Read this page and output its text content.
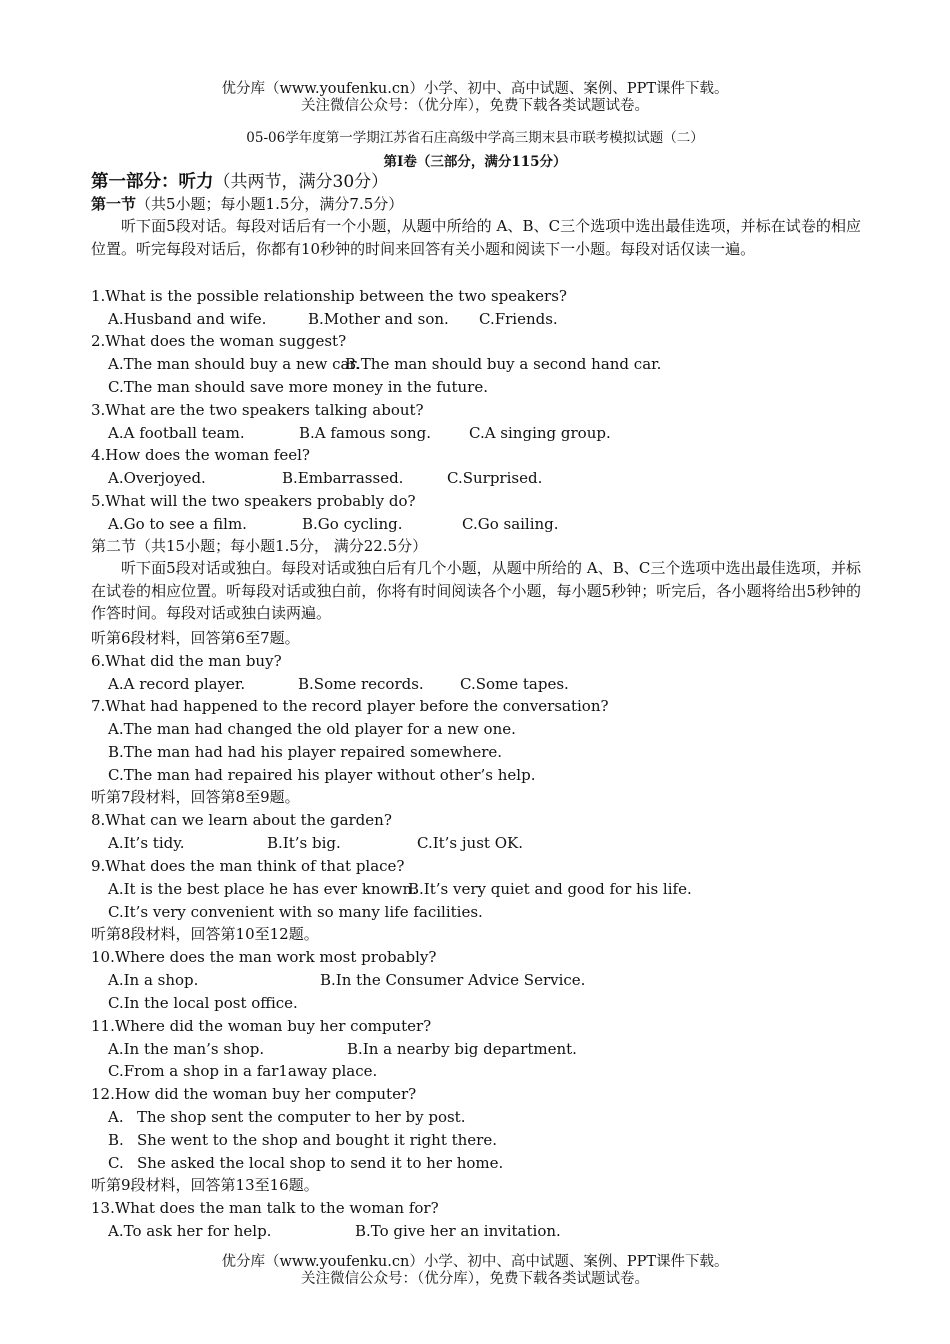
优分库（www.youfenku.cn）小学、初中、高中试题、案例、PPT课件下载。
关注微信公众号：（优分库），免费下载各类试题试卷。
05-06学年度第一学期江苏省石庄高级中学高三期末县市联考模拟试题（二）
第Ⅰ卷（三部分，满分115分）
第一部分：听力（共两节，满分30分）
第一节（共5小题；每小题1.5分，满分7.5分）
听下面5段对话。每段对话后有一个小题，从题中所给的 A、B、C三个选项中选出最佳选项，并标在试卷的相应位置。听完每段对话后，你都有10秒钟的时间来回答有关小题和阅读下一小题。每段对话仅读一遍。
1.What is the possible relationship between the two speakers?
A.Husband and wife.	B.Mother and son. C.Friends.
2.What does the woman suggest?
A.The man should buy a new car.
B.The man should buy a second hand car.
C.The man should save more money in the future.
3.What are the two speakers talking about?
A.A football team.	B.A famous song.	C.A singing group.
4.How does the woman feel?
A.Overjoyed.	B.Embarrassed.	C.Surprised.
5.What will the two speakers probably do?
A.Go to see a film.	B.Go cycling.	C.Go sailing.
第二节（共15小题；每小题1.5分， 满分22.5分）
听下面5段对话或独白。每段对话或独白后有几个小题，从题中所给的 A、B、C三个选项中选出最佳选项，并标在试卷的相应位置。听每段对话或独白前，你将有时间阅读各个小题，每小题5秒钟；听完后，各小题将给出5秒钟的作答时间。每段对话或独白读两遍。
听第6段材料，回答第6至7题。
6.What did the man buy?
A.A record player.	B.Some records. C.Some tapes.
7.What had happened to the record player before the conversation?
A.The man had changed the old player for a new one.
B.The man had had his player repaired somewhere.
C.The man had repaired his player without other’s help.
听第7段材料，回答第8至9题。
8.What can we learn about the garden?
A.It’s tidy.	B.It’s big.	C.It’s just OK.
9.What does the man think of that place?
A.It is the best place he has ever known.
B.It’s very quiet and good for his life.
C.It’s very convenient with so many life facilities.
听第8段材料，回答第10至12题。
10.Where does the man work most probably?
A.In a shop.	B.In the Consumer Advice Service.
C.In the local post office.
11.Where did the woman buy her computer?
A.In the man’s shop.	B.In a nearby big department.
C.From a shop in a far1away place.
12.How did the woman buy her computer?
A. The shop sent the computer to her by post.
B. She went to the shop and bought it right there.
C. She asked the local shop to send it to her home.
听第9段材料，回答第13至16题。
13.What does the man talk to the woman for?
A.To ask her for help.	B.To give her an invitation.
优分库（www.youfenku.cn）小学、初中、高中试题、案例、PPT课件下载。
关注微信公众号：（优分库），免费下载各类试题试卷。
